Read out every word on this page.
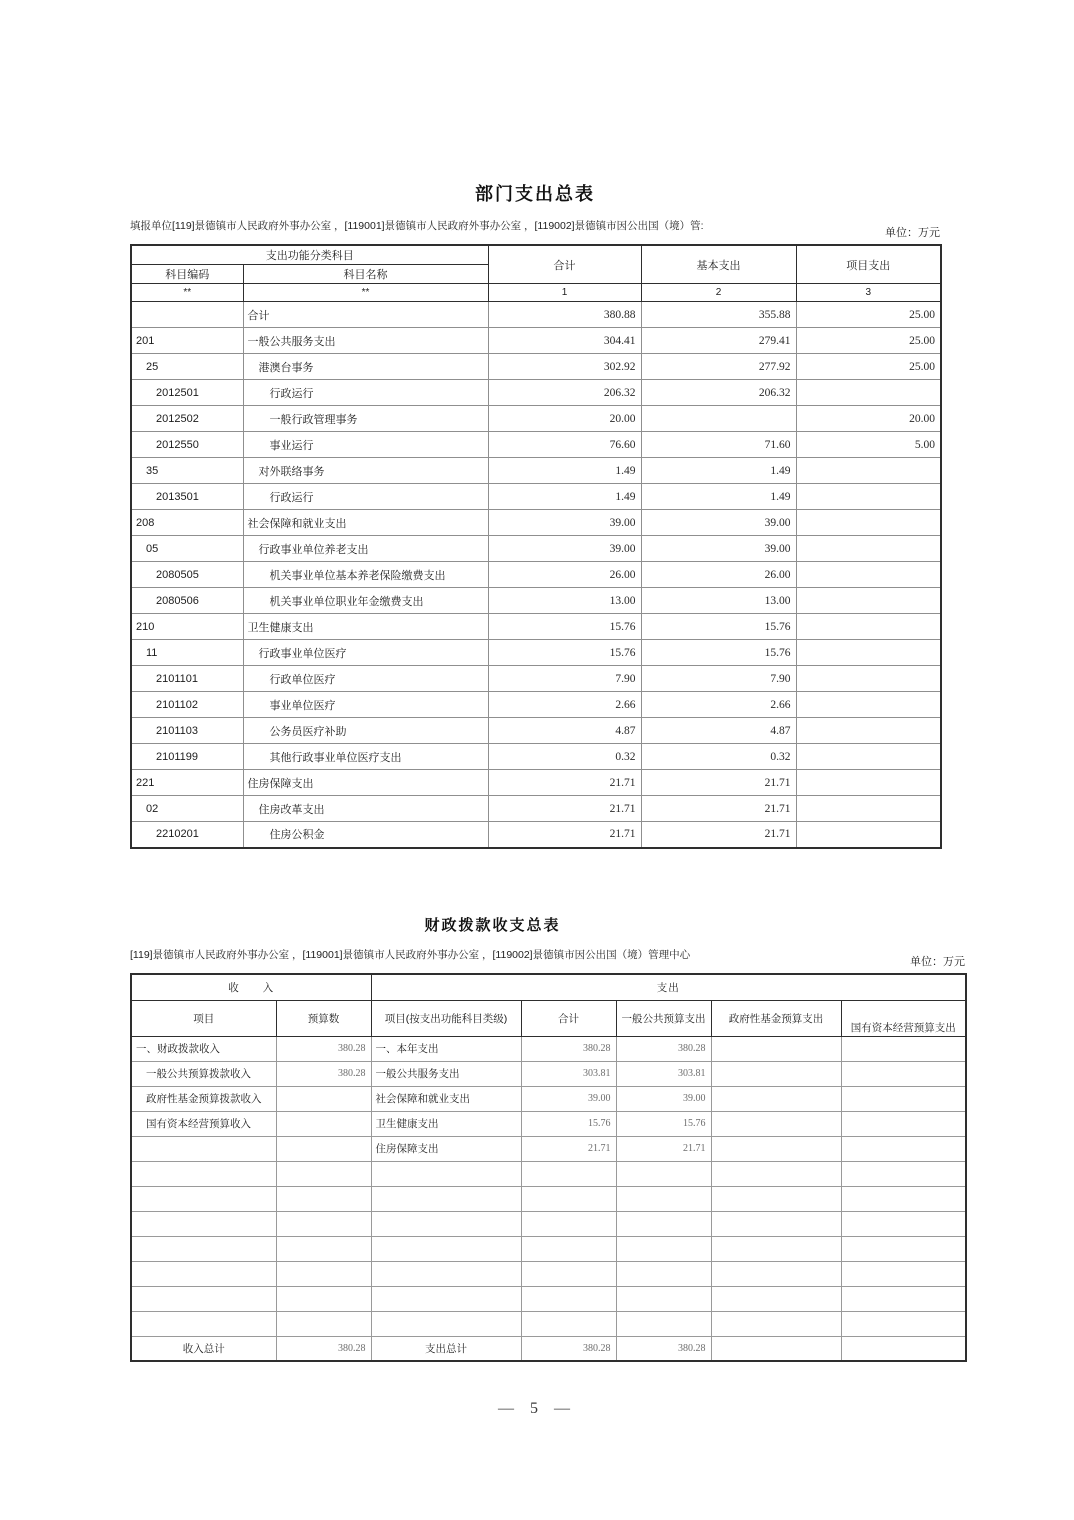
部门支出总表
填报单位[119]景德镇市人民政府外事办公室 ，[119001]景德镇市人民政府外事办公室 ，[119002]景德镇市因公出国（境）管:
单位：万元
支出功能分类科目		合计	基本支出	项目支出
科目编码	科目名称			
**	**	1	2	3
	合计	380.88	355.88	25.00
201	一般公共服务支出	304.41	279.41	25.00
25	港澳台事务	302.92	277.92	25.00
2012501	行政运行	206.32	206.32	
2012502	一般行政管理事务	20.00		20.00
2012550	事业运行	76.60	71.60	5.00
35	对外联络事务	1.49	1.49	
2013501	行政运行	1.49	1.49	
208	社会保障和就业支出	39.00	39.00	
05	行政事业单位养老支出	39.00	39.00	
2080505	机关事业单位基本养老保险缴费支出	26.00	26.00	
2080506	机关事业单位职业年金缴费支出	13.00	13.00	
210	卫生健康支出	15.76	15.76	
11	行政事业单位医疗	15.76	15.76	
2101101	行政单位医疗	7.90	7.90	
2101102	事业单位医疗	2.66	2.66	
2101103	公务员医疗补助	4.87	4.87	
2101199	其他行政事业单位医疗支出	0.32	0.32	
221	住房保障支出	21.71	21.71	
02	住房改革支出	21.71	21.71	
2210201	住房公积金	21.71	21.71	
财政拨款收支总表
[119]景德镇市人民政府外事办公室 ，[119001]景德镇市人民政府外事办公室 ，[119002]景德镇市因公出国（境）管理中心
单位：万元
收　　入		支出				
项目	预算数	项目(按支出功能科目类级)	合计	一般公共预算支出	政府性基金预算支出	国有资本经营预算支出
一、财政拨款收入	380.28	一、本年支出	380.28	380.28		
一般公共预算拨款收入	380.28	一般公共服务支出	303.81	303.81		
政府性基金预算拨款收入		社会保障和就业支出	39.00	39.00		
国有资本经营预算收入		卫生健康支出	15.76	15.76		
		住房保障支出	21.71	21.71		

收入总计	380.28	支出总计	380.28	380.28		
— 5 —
